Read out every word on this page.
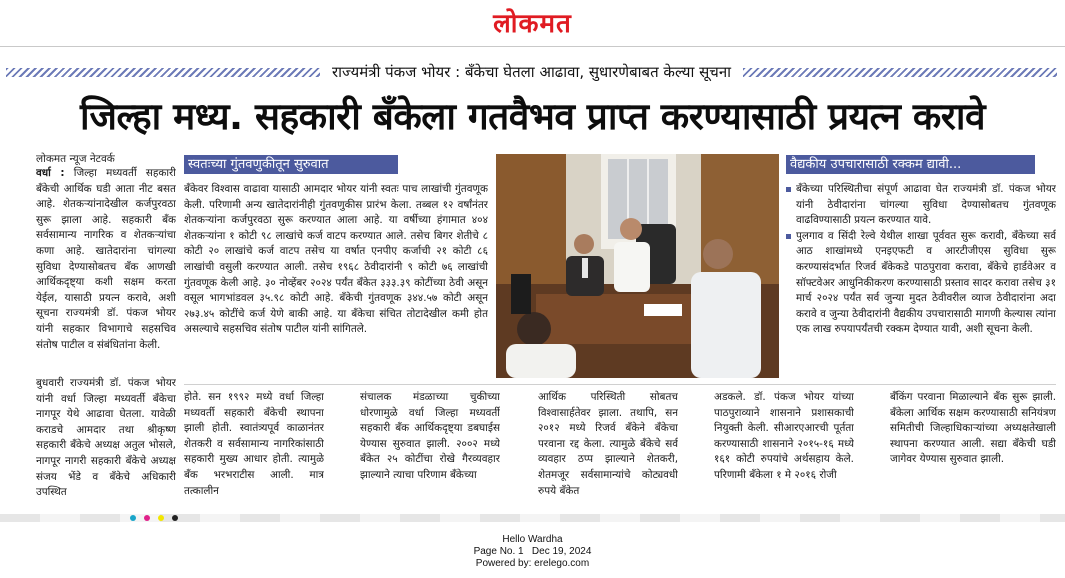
लोकमत
राज्यमंत्री पंकज भोयर : बँकेचा घेतला आढावा, सुधारणेबाबत केल्या सूचना
जिल्हा मध्य. सहकारी बँकेला गतवैभव प्राप्त करण्यासाठी प्रयत्न करावे
लोकमत न्यूज नेटवर्क

वर्धा : जिल्हा मध्यवर्ती सहकारी बँकेची आर्थिक घडी आता नीट बसत आहे. शेतकऱ्यांनादेखील कर्जपुरवठा सुरू झाला आहे. सहकारी बँक सर्वसामान्य नागरिक व शेतकऱ्यांचा कणा आहे. खातेदारांना चांगल्या सुविधा देण्यासोबतच बँक आणखी आर्थिकदृष्ट्या कशी सक्षम करता येईल, यासाठी प्रयत्न करावे, अशी सूचना राज्यमंत्री डॉ. पंकज भोयर यांनी सहकार विभागाचे सहसचिव संतोष पाटील व संबंधितांना केली.

बुधवारी राज्यमंत्री डॉ. पंकज भोयर यांनी वर्धा जिल्हा मध्यवर्ती बँकेचा नागपूर येथे आढावा घेतला. यावेळी कराडचे आमदार तथा श्रीकृष्ण सहकारी बँकेचे अध्यक्ष अतुल भोसले, नागपूर नागरी सहकारी बँकेचे अध्यक्ष संजय भेंडे व बँकेचे अधिकारी उपस्थित

स्वतःच्या गुंतवणुकीतून सुरुवात
बँकेवर विश्वास वाढावा यासाठी आमदार भोयर यांनी स्वतः पाच लाखांची गुंतवणूक केली. परिणामी अन्य खातेदारांनीही गुंतवणुकीस प्रारंभ केला. तब्बल १२ वर्षांनंतर शेतकऱ्यांना कर्जपुरवठा सुरू करण्यात आला आहे. या वर्षीच्या हंगामात ४०४ शेतकऱ्यांना १ कोटी ९८ लाखांचे कर्ज वाटप करण्यात आले. तसेच बिगर शेतीचे ८ कोटी २० लाखांचे कर्ज वाटप तसेच या वर्षात एनपीए कर्जाची २१ कोटी ८६ लाखांची वसुली करण्यात आली. तसेच १९६८ ठेवीदारांनी ९ कोटी ७६ लाखांची गुंतवणूक केली आहे. ३० नोव्हेंबर २०२४ पर्यंत बँकेत ३३३.३९ कोटींच्या ठेवी असून वसूल भागभांडवल ३५.९८ कोटी आहे. बँकेची गुंतवणूक ३४४.५७ कोटी असून २७३.४५ कोटींचे कर्ज येणे बाकी आहे. या बँकेचा संचित तोटादेखील कमी होत असल्याचे सहसचिव संतोष पाटील यांनी सांगितले.
वैद्यकीय उपचारासाठी रक्कम द्यावी...
बँकेच्या परिस्थितीचा संपूर्ण आढावा घेत राज्यमंत्री डॉ. पंकज भोयर यांनी ठेवीदारांना चांगल्या सुविधा देण्यासोबतच गुंतवणूक वाढविण्यासाठी प्रयत्न करण्यात यावे.
पुलगाव व सिंदी रेल्वे येथील शाखा पूर्ववत सुरू करावी, बँकेच्या सर्व आठ शाखांमध्ये एनइएफटी व आरटीजीएस सुविधा सुरू करण्यासंदर्भात रिजर्व बँकेकडे पाठपुरावा करावा, बँकेचे हार्डवेअर व सॉफ्टवेअर आधुनिकीकरण करण्यासाठी प्रस्ताव सादर करावा तसेच ३१ मार्च २०२४ पर्यंत सर्व जुन्या मुदत ठेवीवरील व्याज ठेवीदारांना अदा करावे व जुन्या ठेवीदारांनी वैद्यकीय उपचारासाठी मागणी केल्यास त्यांना एक लाख रुपयापर्यंतची रक्कम देण्यात यावी, अशी सूचना केली.
होते. सन १९९२ मध्ये वर्धा जिल्हा मध्यवर्ती सहकारी बँकेची स्थापना झाली होती. स्वातंत्र्यपूर्व काळानंतर शेतकरी व सर्वसामान्य नागरिकांसाठी सहकारी मुख्य आधार होती. त्यामुळे बँक भरभराटीस आली. मात्र तत्कालीन
संचालक मंडळाच्या चुकीच्या धोरणामुळे वर्धा जिल्हा मध्यवर्ती सहकारी बँक आर्थिकदृष्ट्या डबघाईस येण्यास सुरुवात झाली. २००२ मध्ये बँकेत २५ कोटींचा रोखे गैरव्यवहार झाल्याने त्याचा परिणाम बँकेच्या
आर्थिक परिस्थिती सोबतच विश्वासार्हतेवर झाला. तथापि, सन २०१२ मध्ये रिजर्व बँकेने बँकेचा परवाना रद्द केला. त्यामुळे बँकेचे सर्व व्यवहार ठप्प झाल्याने शेतकरी, शेतमजूर सर्वसामान्यांचे कोट्यवधी रुपये बँकेत
अडकले. डॉ. पंकज भोयर यांच्या पाठपुराव्याने शासनाने प्रशासकाची नियुक्ती केली. सीआरएआरची पूर्तता करण्यासाठी शासनाने २०१५-१६ मध्ये १६१ कोटी रुपयांचे अर्थसहाय केले. परिणामी बँकेला १ मे २०१६ रोजी
बँकिंग परवाना मिळाल्याने बँक सुरू झाली. बँकेला आर्थिक सक्षम करण्यासाठी सनियंत्रण समितीची जिल्हाधिकाऱ्यांच्या अध्यक्षतेखाली स्थापना करण्यात आली. सद्या बँकेची घडी जागेवर येण्यास सुरुवात झाली.
Hello Wardha
Page No. 1   Dec 19, 2024
Powered by: erelego.com
